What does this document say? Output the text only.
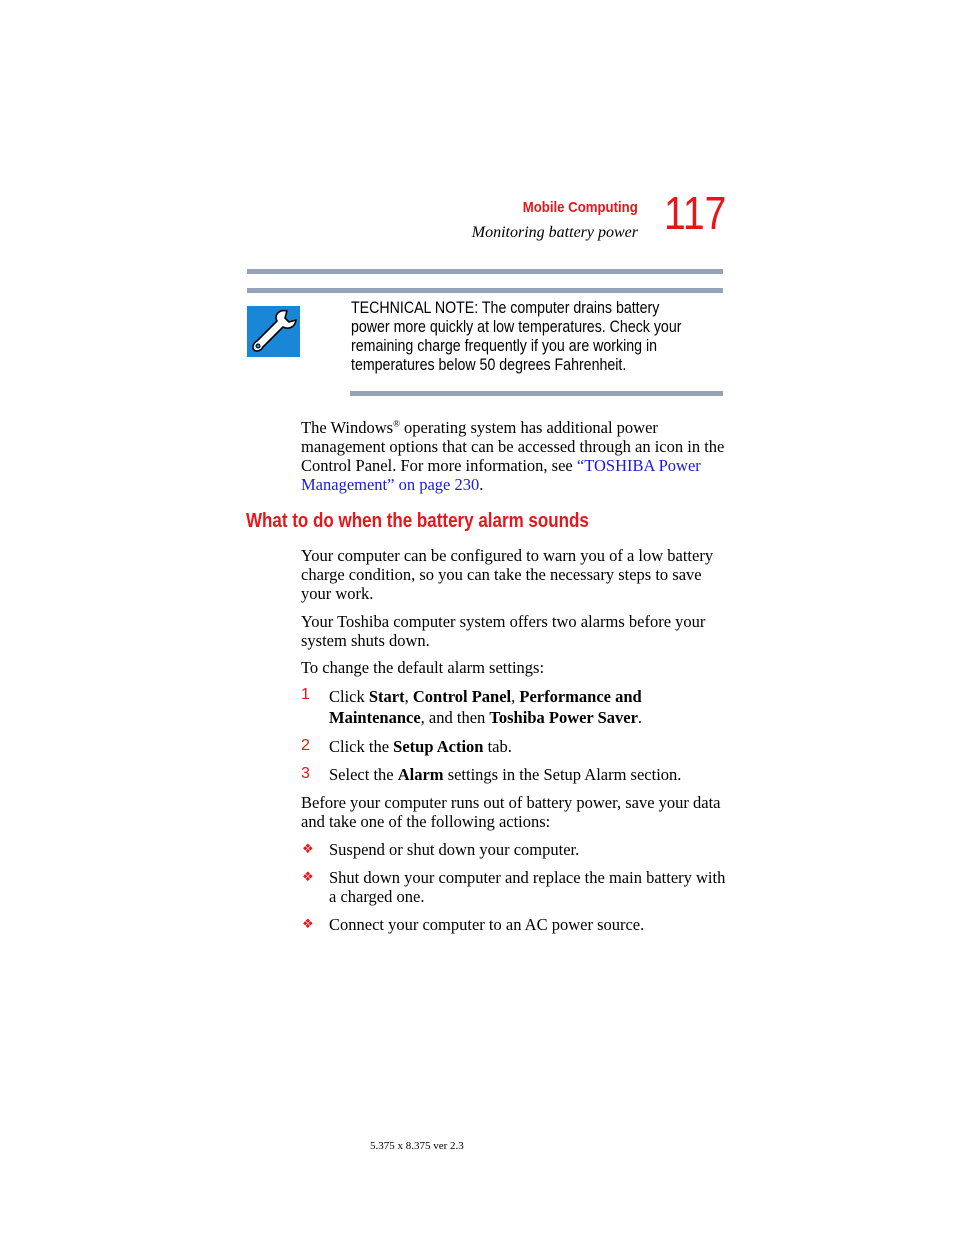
Mobile Computing
Monitoring battery power 117
TECHNICAL NOTE: The computer drains battery power more quickly at low temperatures. Check your remaining charge frequently if you are working in temperatures below 50 degrees Fahrenheit.
The Windows® operating system has additional power management options that can be accessed through an icon in the Control Panel. For more information, see “TOSHIBA Power Management” on page 230.
What to do when the battery alarm sounds
Your computer can be configured to warn you of a low battery charge condition, so you can take the necessary steps to save your work.
Your Toshiba computer system offers two alarms before your system shuts down.
To change the default alarm settings:
1 Click Start, Control Panel, Performance and Maintenance, and then Toshiba Power Saver.
2 Click the Setup Action tab.
3 Select the Alarm settings in the Setup Alarm section.
Before your computer runs out of battery power, save your data and take one of the following actions:
❖ Suspend or shut down your computer.
❖ Shut down your computer and replace the main battery with a charged one.
❖ Connect your computer to an AC power source.
5.375 x 8.375 ver 2.3
